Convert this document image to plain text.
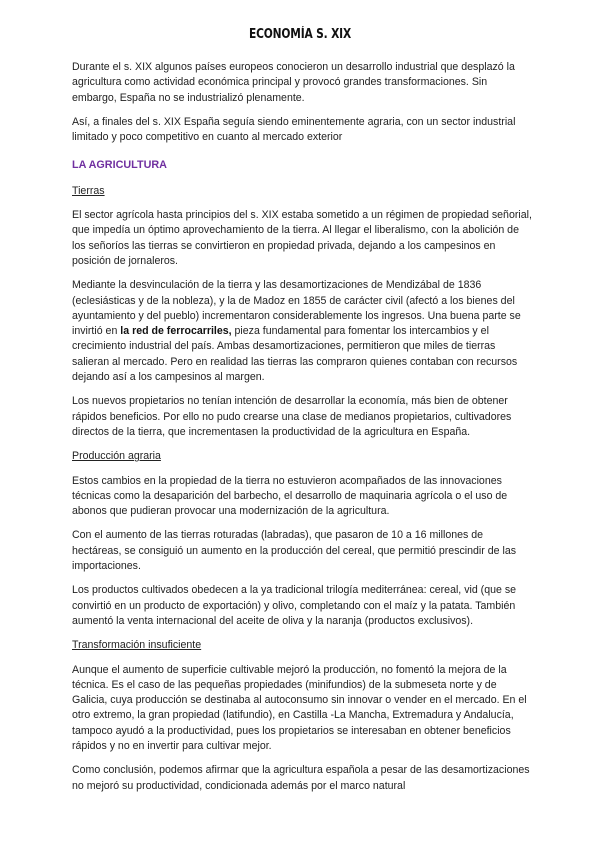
ECONOMÍA S. XIX

Durante el s. XIX algunos países europeos conocieron un desarrollo industrial que desplazó la agricultura como actividad económica principal y provocó grandes transformaciones. Sin embargo, España no se industrializó plenamente.

Así, a finales del s. XIX España seguía siendo eminentemente agraria, con un sector industrial limitado y poco competitivo en cuanto al mercado exterior

LA AGRICULTURA
Tierras

El sector agrícola hasta principios del s. XIX estaba sometido a un régimen de propiedad señorial, que impedía un óptimo aprovechamiento de la tierra. Al llegar el liberalismo, con la abolición de los señoríos las tierras se convirtieron en propiedad privada, dejando a los campesinos en posición de jornaleros.

Mediante la desvinculación de la tierra y las desamortizaciones de Mendizábal de 1836 (eclesiásticas y de la nobleza), y la de Madoz en 1855 de carácter civil (afectó a los bienes del ayuntamiento y del pueblo) incrementaron considerablemente los ingresos. Una buena parte se invirtió en la red de ferrocarriles, pieza fundamental para fomentar los intercambios y el crecimiento industrial del país. Ambas desamortizaciones, permitieron que miles de tierras salieran al mercado. Pero en realidad las tierras las compraron quienes contaban con recursos dejando así a los campesinos al margen.

Los nuevos propietarios no tenían intención de desarrollar la economía, más bien de obtener rápidos beneficios. Por ello no pudo crearse una clase de medianos propietarios, cultivadores directos de la tierra, que incrementasen la productividad de la agricultura en España.

Producción agraria

Estos cambios en la propiedad de la tierra no estuvieron acompañados de las innovaciones técnicas como la desaparición del barbecho, el desarrollo de maquinaria agrícola o el uso de abonos que pudieran provocar una modernización de la agricultura.

Con el aumento de las tierras roturadas (labradas), que pasaron de 10 a 16 millones de hectáreas, se consiguió un aumento en la producción del cereal, que permitió prescindir de las importaciones.

Los productos cultivados obedecen a la ya tradicional trilogía mediterránea: cereal, vid (que se convirtió en un producto de exportación) y olivo, completando con el maíz y la patata. También aumentó la venta internacional del aceite de oliva y la naranja (productos exclusivos).

Transformación insuficiente

Aunque el aumento de superficie cultivable mejoró la producción, no fomentó la mejora de la técnica. Es el caso de las pequeñas propiedades (minifundios) de la submeseta norte y de Galicia, cuya producción se destinaba al autoconsumo sin innovar o vender en el mercado. En el otro extremo, la gran propiedad (latifundio), en Castilla -La Mancha, Extremadura y Andalucía, tampoco ayudó a la productividad, pues los propietarios se interesaban en obtener beneficios rápidos y no en invertir para cultivar mejor.

Como conclusión, podemos afirmar que la agricultura española a pesar de las desamortizaciones no mejoró su productividad, condicionada además por el marco natural
